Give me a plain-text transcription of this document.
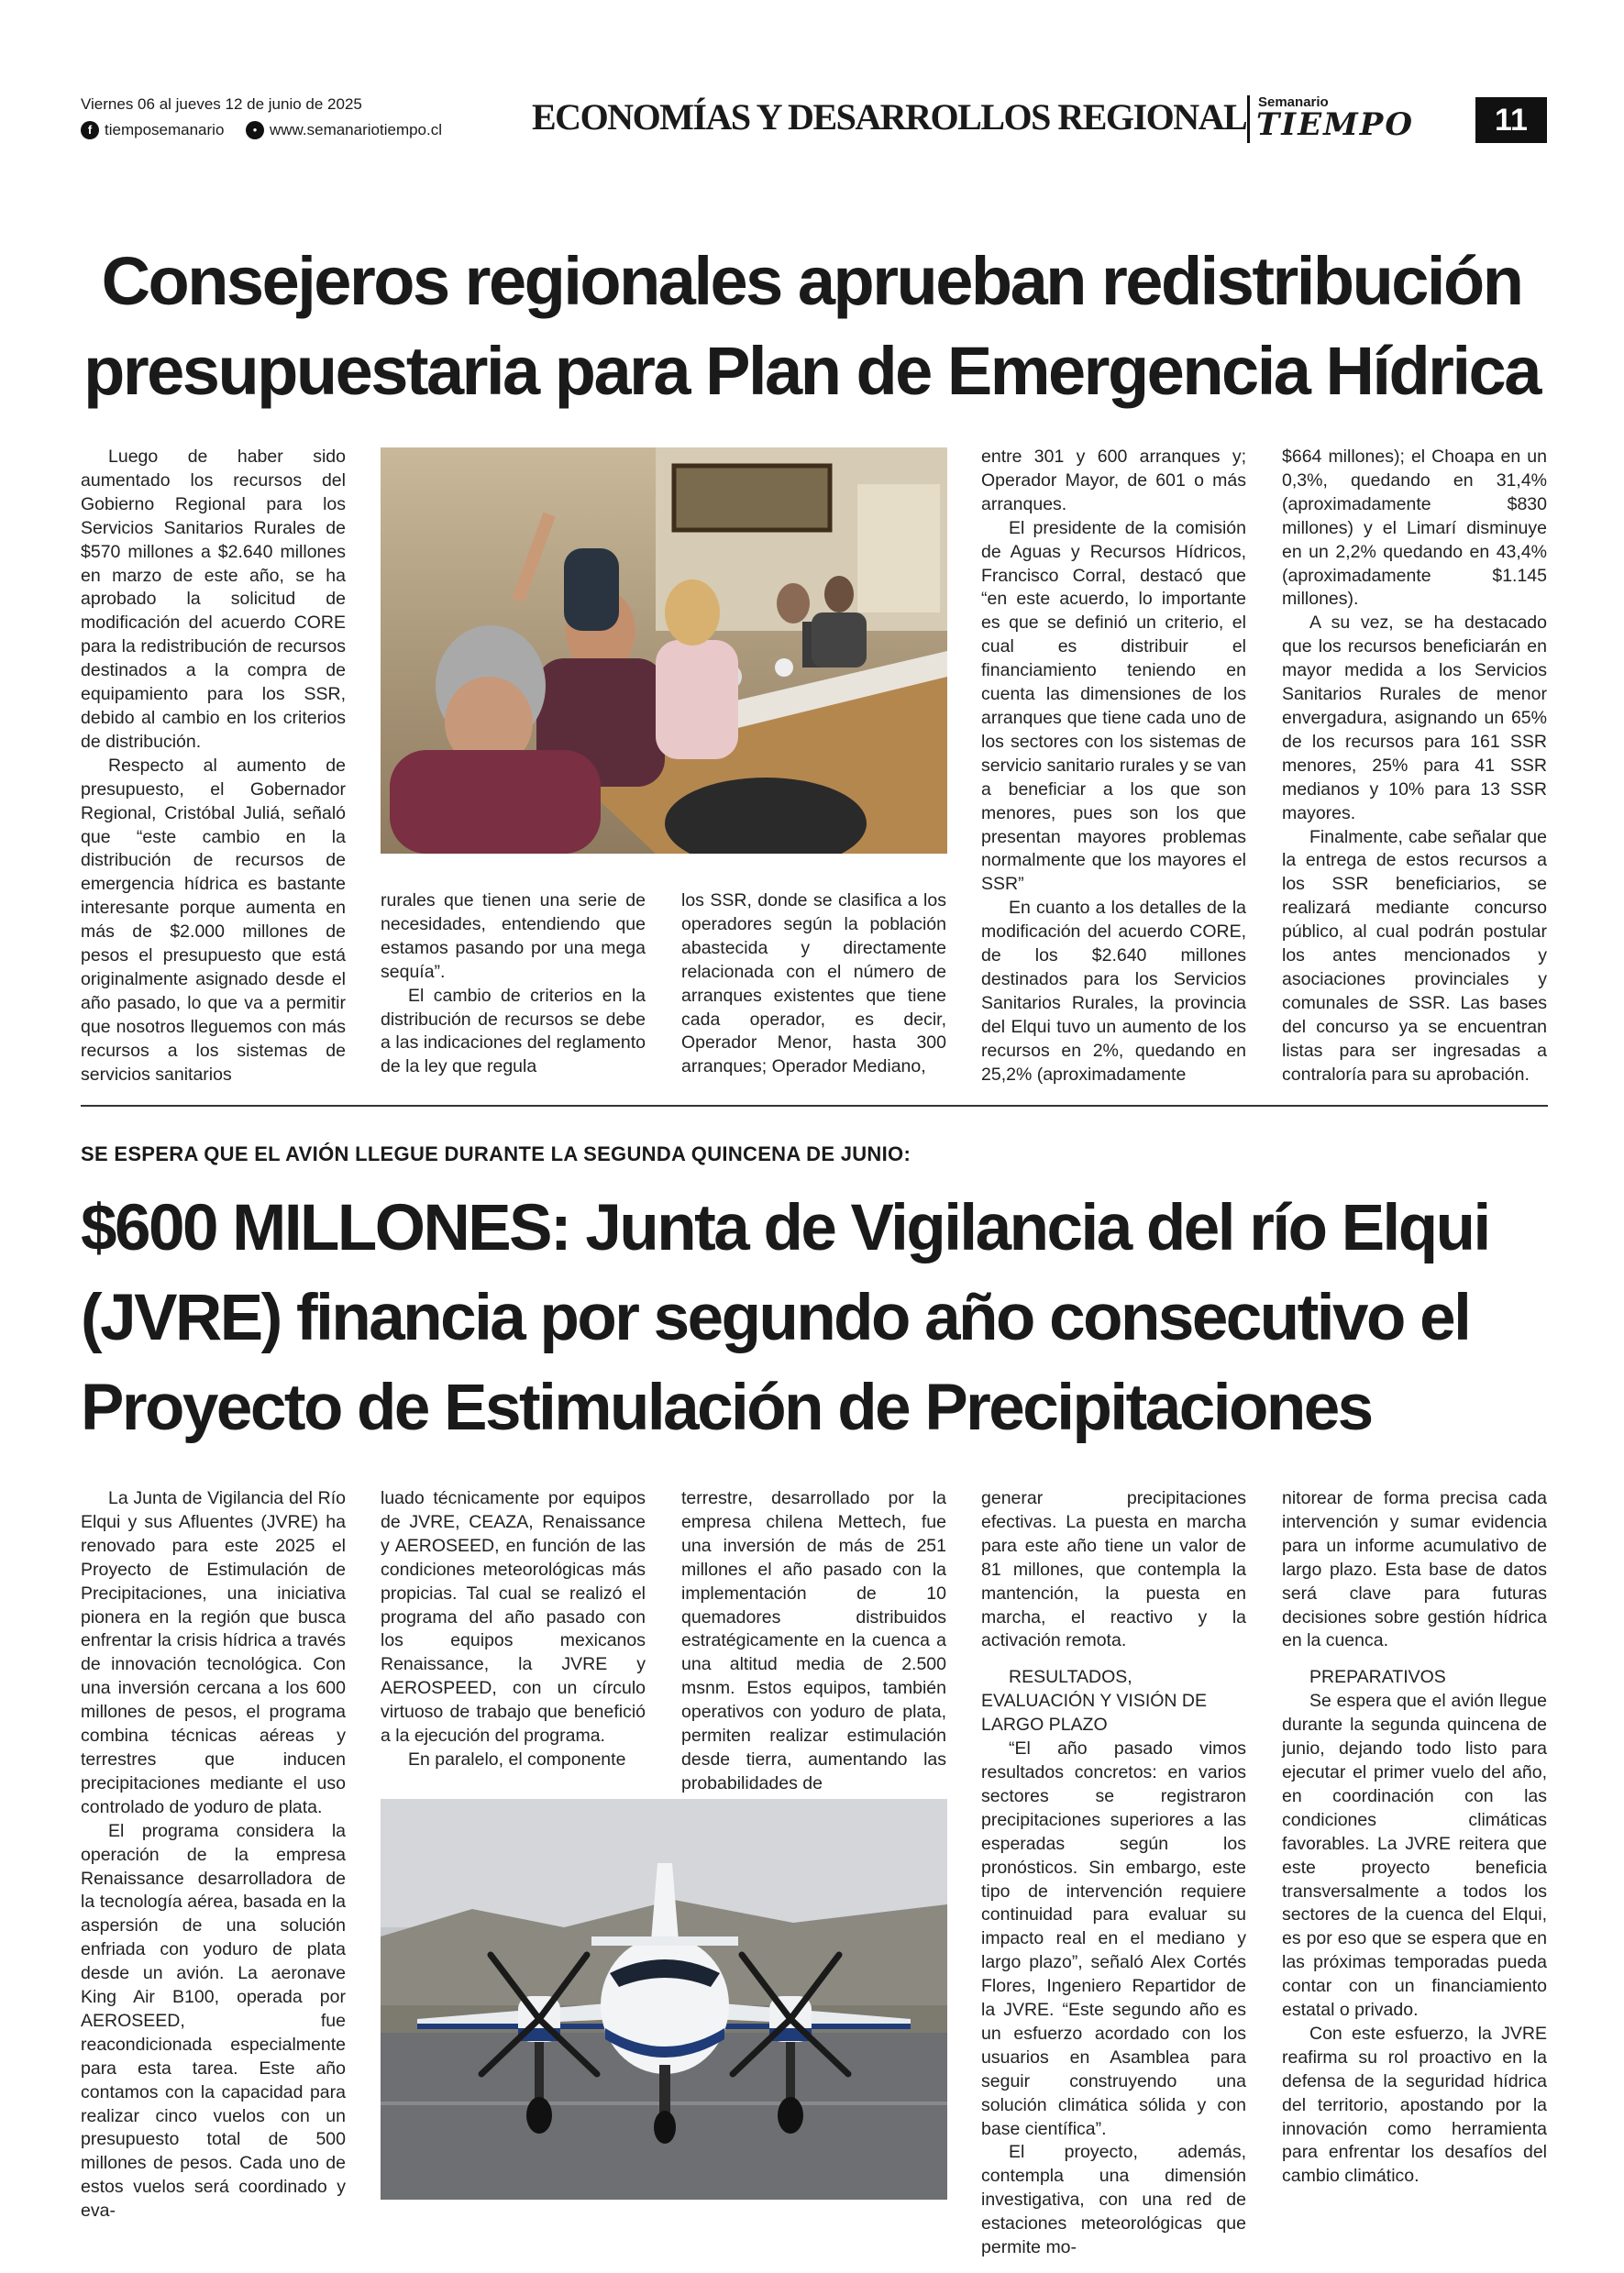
Viernes 06 al jueves 12 de junio de 2025
f tiemposemanario	● www.semanariotiempo.cl ECONOMÍAS Y DESARROLLOS REGIONAL Semanario
TIEMPO	11
Consejeros regionales aprueban redistribución
presupuestaria para Plan de Emergencia Hídrica

Luego de haber sido aumentado los recursos del Gobierno Regional para los Servicios Sanitarios Rurales de $570 millones a $2.640 millones en marzo de este año, se ha aprobado la solicitud de modificación del acuerdo CORE para la redistribución de recursos destinados a la compra de equipamiento para los SSR, debido al cambio en los criterios de distribución.

Respecto al aumento de presupuesto, el Gobernador Regional, Cristóbal Juliá, señaló que “este cambio en la distribución de recursos de emergencia hídrica es bastante interesante porque aumenta en más de $2.000 millones de pesos el presupuesto que está originalmente asignado desde el año pasado, lo que va a permitir que nosotros lleguemos con más recursos a los sistemas de servicios sanitarios

rurales que tienen una serie de necesidades, entendiendo que estamos pasando por una mega sequía”.

El cambio de criterios en la distribución de recursos se debe a las indicaciones del reglamento de la ley que regula

los SSR, donde se clasifica a los operadores según la población abastecida y directamente relacionada con el número de arranques existentes que tiene cada operador, es decir, Operador Menor, hasta 300 arranques; Operador Mediano,

entre 301 y 600 arranques y; Operador Mayor, de 601 o más arranques.

El presidente de la comisión de Aguas y Recursos Hídricos, Francisco Corral, destacó que “en este acuerdo, lo importante es que se definió un criterio, el cual es distribuir el financiamiento teniendo en cuenta las dimensiones de los arranques que tiene cada uno de los sectores con los sistemas de servicio sanitario rurales y se van a beneficiar a los que son menores, pues son los que presentan mayores problemas normalmente que los mayores el SSR”

En cuanto a los detalles de la modificación del acuerdo CORE, de los $2.640 millones destinados para los Servicios Sanitarios Rurales, la provincia del Elqui tuvo un aumento de los recursos en 2%, quedando en 25,2% (aproximadamente

$664 millones); el Choapa en un 0,3%, quedando en 31,4% (aproximadamente $830 millones) y el Limarí disminuye en un 2,2% quedando en 43,4% (aproximadamente $1.145 millones).

A su vez, se ha destacado que los recursos beneficiarán en mayor medida a los Servicios Sanitarios Rurales de menor envergadura, asignando un 65% de los recursos para 161 SSR menores, 25% para 41 SSR medianos y 10% para 13 SSR mayores.

Finalmente, cabe señalar que la entrega de estos recursos a los SSR beneficiarios, se realizará mediante concurso público, al cual podrán postular los antes mencionados y asociaciones provinciales y comunales de SSR. Las bases del concurso ya se encuentran listas para ser ingresadas a contraloría para su aprobación.

SE ESPERA QUE EL AVIÓN LLEGUE DURANTE LA SEGUNDA QUINCENA DE JUNIO:
$600 MILLONES: Junta de Vigilancia del río Elqui
(JVRE) financia por segundo año consecutivo el
Proyecto de Estimulación de Precipitaciones

La Junta de Vigilancia del Río Elqui y sus Afluentes (JVRE) ha renovado para este 2025 el Proyecto de Estimulación de Precipitaciones, una iniciativa pionera en la región que busca enfrentar la crisis hídrica a través de innovación tecnológica. Con una inversión cercana a los 600 millones de pesos, el programa combina técnicas aéreas y terrestres que inducen precipitaciones mediante el uso controlado de yoduro de plata.

El programa considera la operación de la empresa Renaissance desarrolladora de la tecnología aérea, basada en la aspersión de una solución enfriada con yoduro de plata desde un avión. La aeronave King Air B100, operada por AEROSEED, fue reacondicionada especialmente para esta tarea. Este año contamos con la capacidad para realizar cinco vuelos con un presupuesto total de 500 millones de pesos. Cada uno de estos vuelos será coordinado y eva-

luado técnicamente por equipos de JVRE, CEAZA, Renaissance y AEROSEED, en función de las condiciones meteorológicas más propicias. Tal cual se realizó el programa del año pasado con los equipos mexicanos Renaissance, la JVRE y AEROSPEED, con un círculo virtuoso de trabajo que benefició a la ejecución del programa.

En paralelo, el componente

terrestre, desarrollado por la empresa chilena Mettech, fue una inversión de más de 251 millones el año pasado con la implementación de 10 quemadores distribuidos estratégicamente en la cuenca a una altitud media de 2.500 msnm. Estos equipos, también operativos con yoduro de plata, permiten realizar estimulación desde tierra, aumentando las probabilidades de

generar precipitaciones efectivas. La puesta en marcha para este año tiene un valor de 81 millones, que contempla la mantención, la puesta en marcha, el reactivo y la activación remota.

RESULTADOS, EVALUACIÓN Y VISIÓN DE LARGO PLAZO

“El año pasado vimos resultados concretos: en varios sectores se registraron precipitaciones superiores a las esperadas según los pronósticos. Sin embargo, este tipo de intervención requiere continuidad para evaluar su impacto real en el mediano y largo plazo”, señaló Alex Cortés Flores, Ingeniero Repartidor de la JVRE. “Este segundo año es un esfuerzo acordado con los usuarios en Asamblea para seguir construyendo una solución climática sólida y con base científica”.

El proyecto, además, contempla una dimensión investigativa, con una red de estaciones meteorológicas que permite mo-

nitorear de forma precisa cada intervención y sumar evidencia para un informe acumulativo de largo plazo. Esta base de datos será clave para futuras decisiones sobre gestión hídrica en la cuenca.

PREPARATIVOS

Se espera que el avión llegue durante la segunda quincena de junio, dejando todo listo para ejecutar el primer vuelo del año, en coordinación con las condiciones climáticas favorables. La JVRE reitera que este proyecto beneficia transversalmente a todos los sectores de la cuenca del Elqui, es por eso que se espera que en las próximas temporadas pueda contar con un financiamiento estatal o privado.

Con este esfuerzo, la JVRE reafirma su rol proactivo en la defensa de la seguridad hídrica del territorio, apostando por la innovación como herramienta para enfrentar los desafíos del cambio climático.
